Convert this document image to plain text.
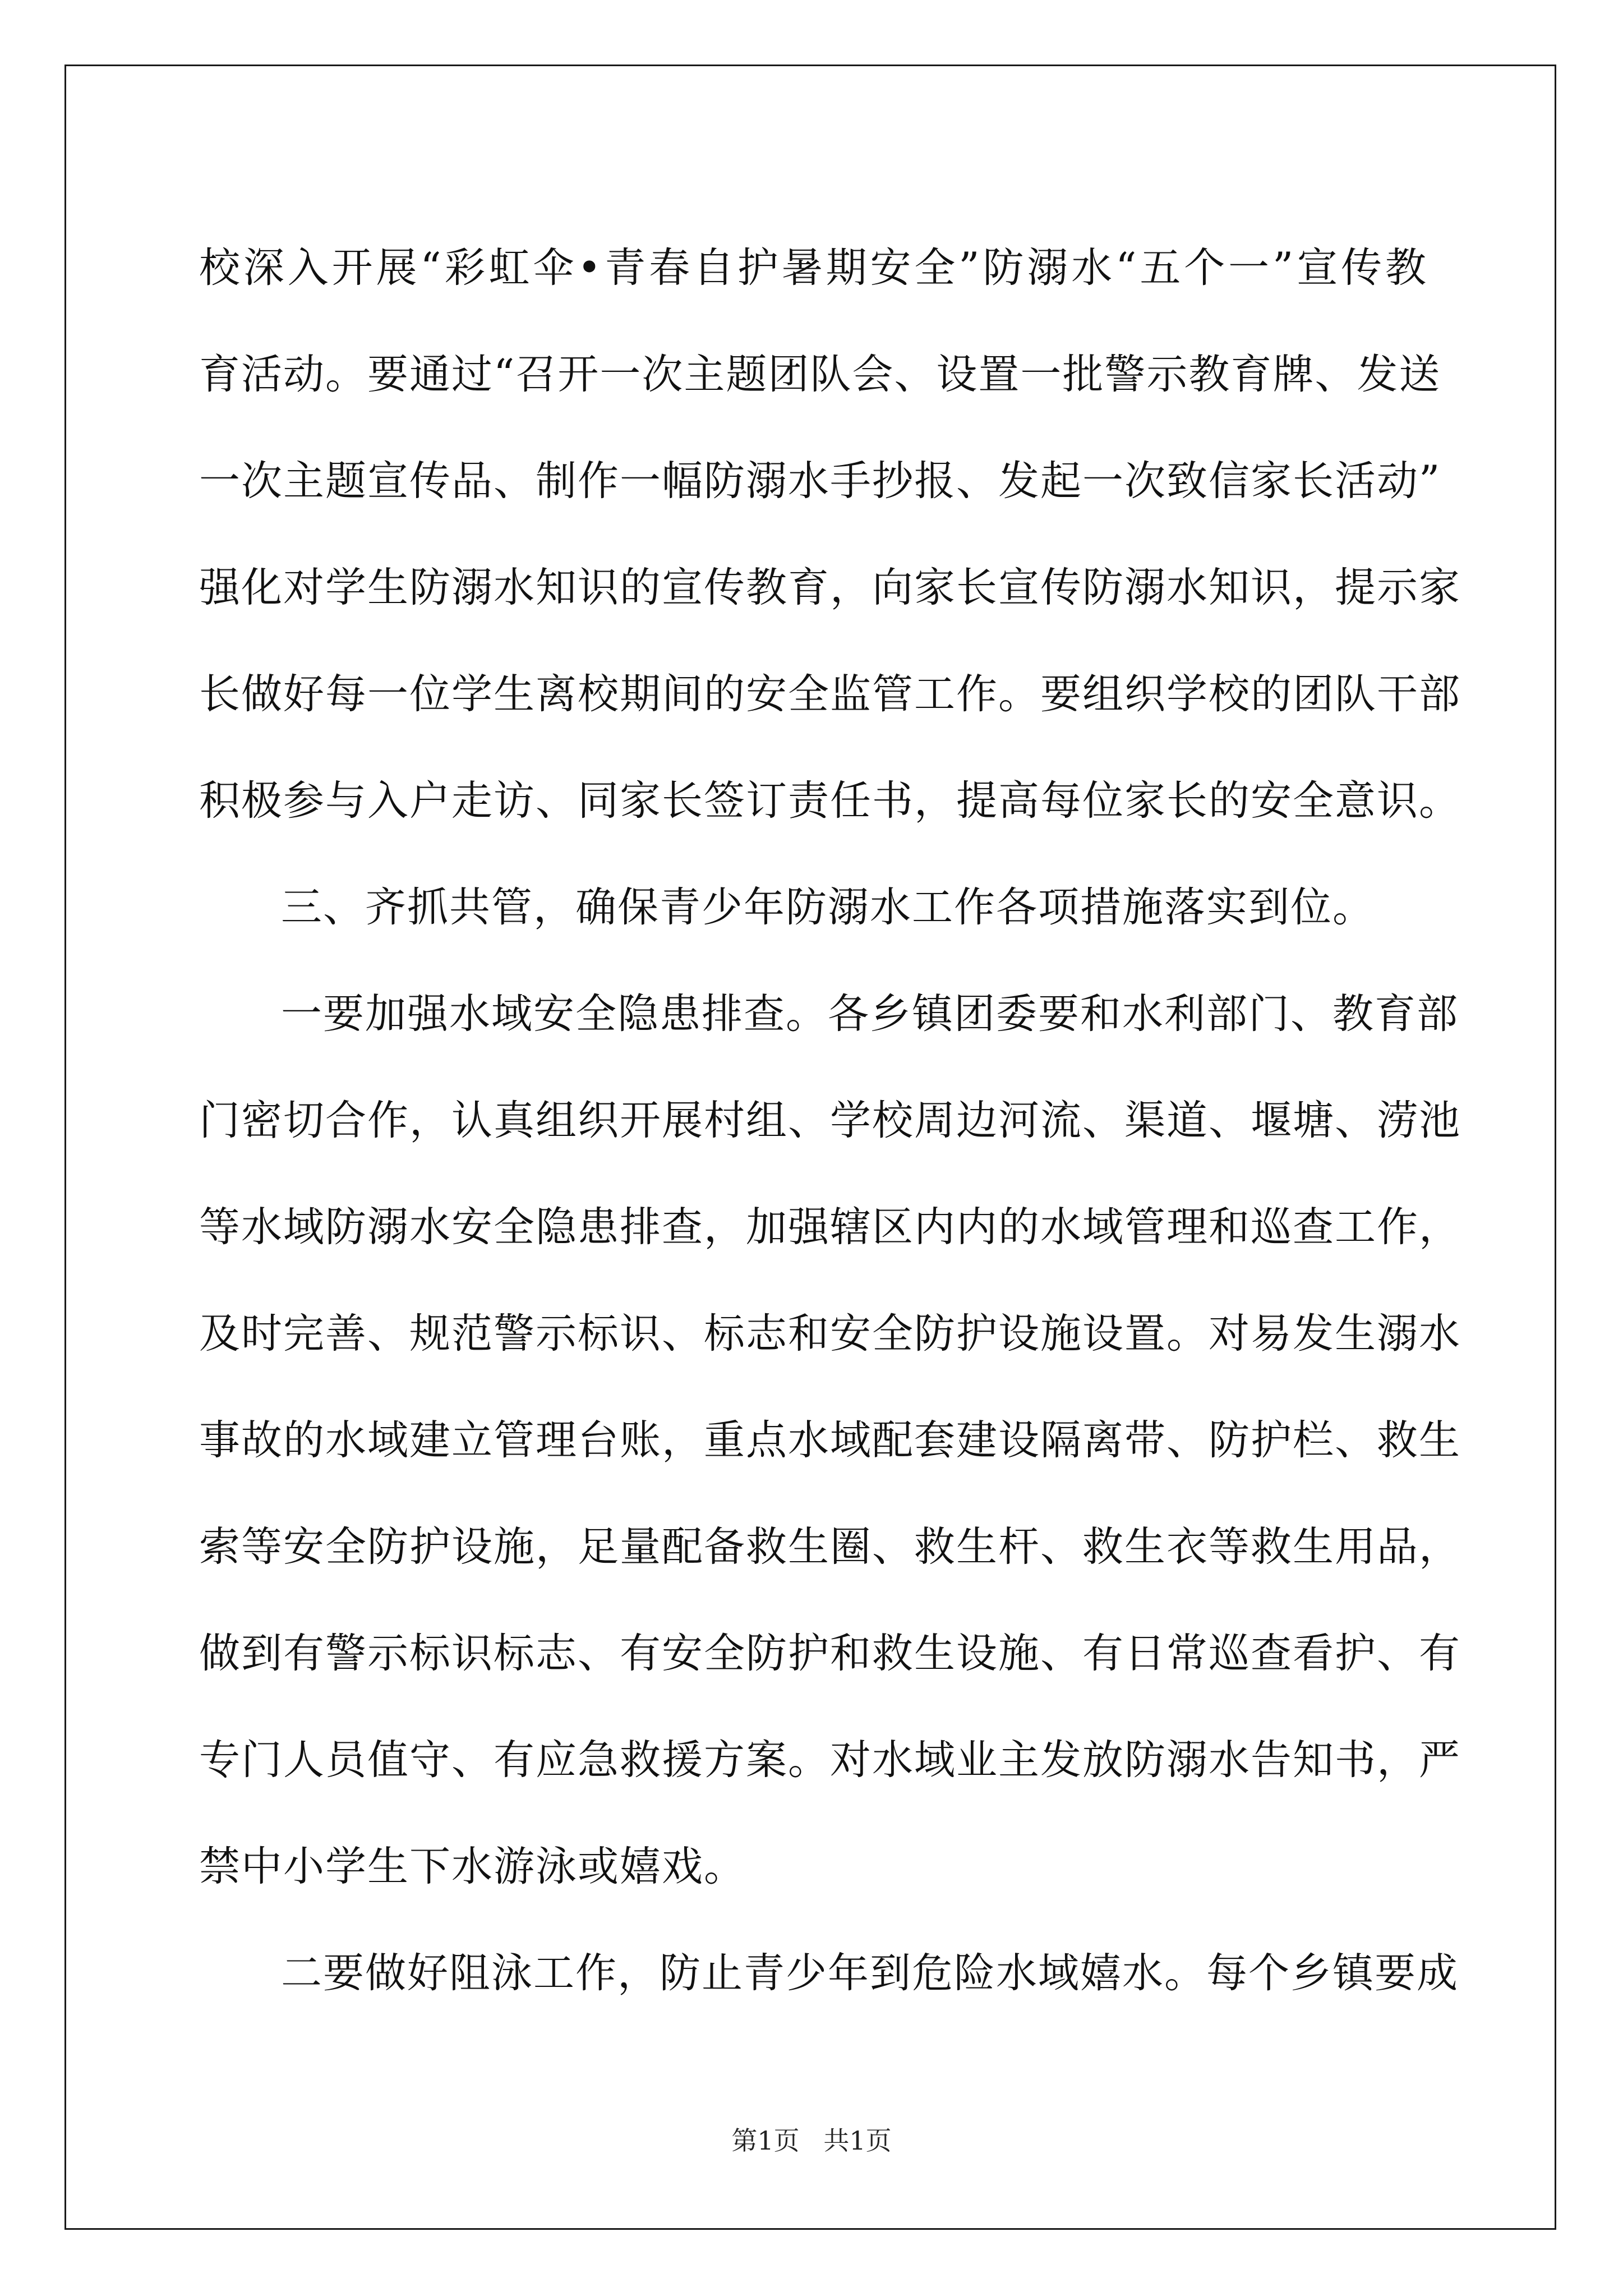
校深入开展“彩虹伞•青春自护暑期安全”防溺水“五个一”宣传教
育活动。要通过“召开一次主题团队会、设置一批警示教育牌、发送
一次主题宣传品、制作一幅防溺水手抄报、发起一次致信家长活动”
强化对学生防溺水知识的宣传教育，向家长宣传防溺水知识，提示家
长做好每一位学生离校期间的安全监管工作。要组织学校的团队干部
积极参与入户走访、同家长签订责任书，提高每位家长的安全意识。
三、齐抓共管，确保青少年防溺水工作各项措施落实到位。
一要加强水域安全隐患排查。各乡镇团委要和水利部门、教育部
门密切合作，认真组织开展村组、学校周边河流、渠道、堰塘、涝池
等水域防溺水安全隐患排查，加强辖区内内的水域管理和巡查工作，
及时完善、规范警示标识、标志和安全防护设施设置。对易发生溺水
事故的水域建立管理台账，重点水域配套建设隔离带、防护栏、救生
索等安全防护设施，足量配备救生圈、救生杆、救生衣等救生用品，
做到有警示标识标志、有安全防护和救生设施、有日常巡查看护、有
专门人员值守、有应急救援方案。对水域业主发放防溺水告知书，严
禁中小学生下水游泳或嬉戏。
二要做好阻泳工作，防止青少年到危险水域嬉水。每个乡镇要成
第1页 共1页
